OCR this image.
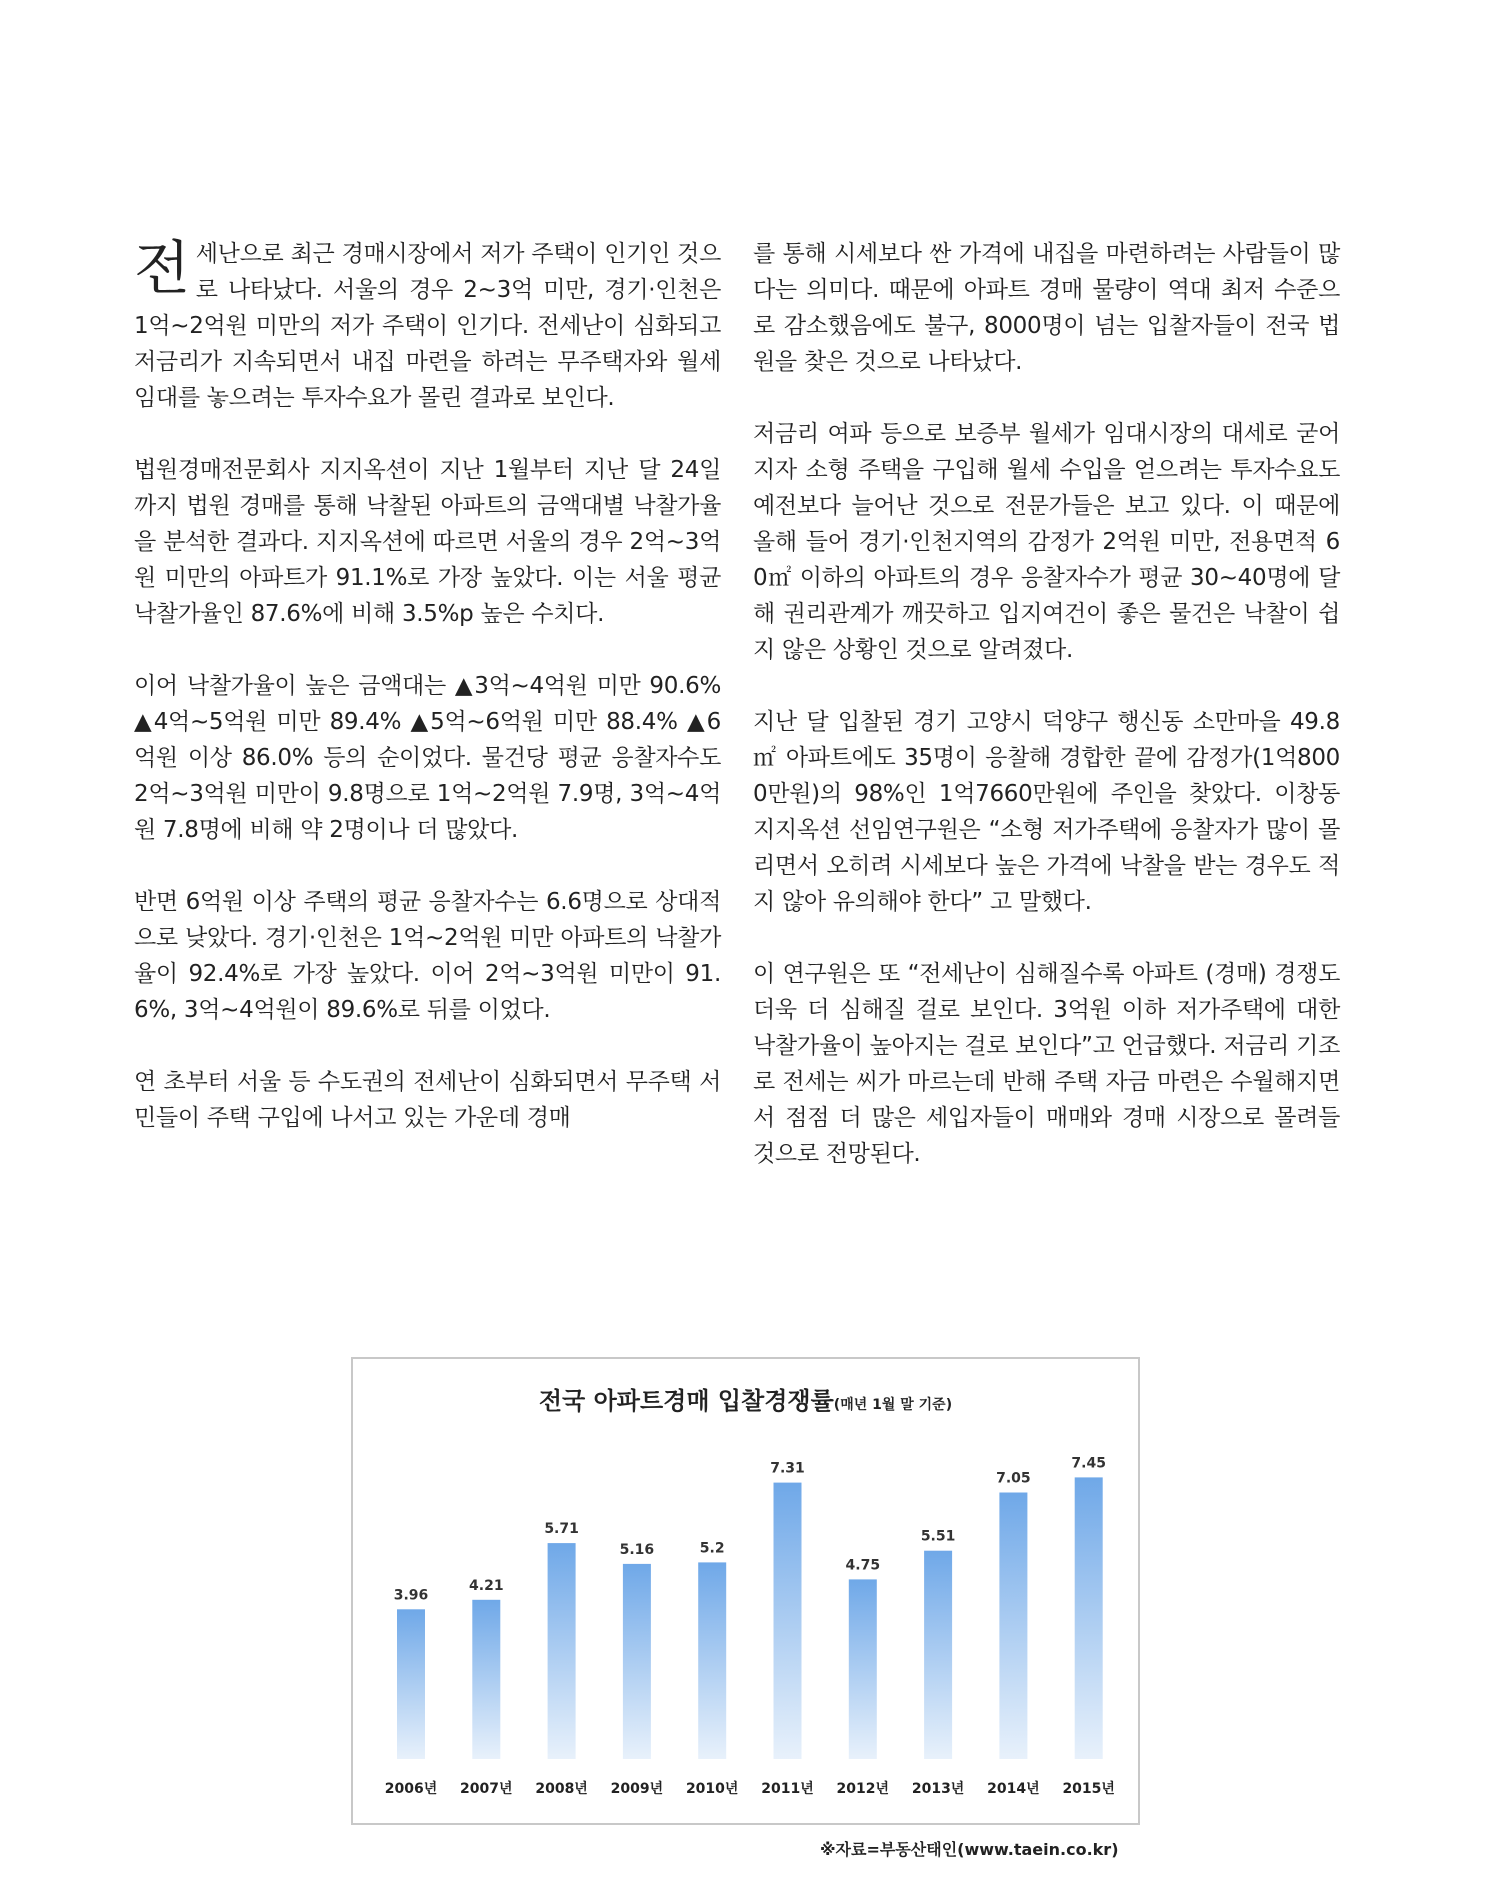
전세난으로 최근 경매시장에서 저가 주택이 인기인 것으로 나타났다. 서울의 경우 2~3억 미만, 경기·인천은 1억~2억원 미만의 저가 주택이 인기다. 전세난이 심화되고 저금리가 지속되면서 내집 마련을 하려는 무주택자와 월세 임대를 놓으려는 투자수요가 몰린 결과로 보인다.

법원경매전문회사 지지옥션이 지난 1월부터 지난 달 24일까지 법원 경매를 통해 낙찰된 아파트의 금액대별 낙찰가율을 분석한 결과다. 지지옥션에 따르면 서울의 경우 2억~3억원 미만의 아파트가 91.1%로 가장 높았다. 이는 서울 평균 낙찰가율인 87.6%에 비해 3.5%p 높은 수치다.

이어 낙찰가율이 높은 금액대는 ▲3억~4억원 미만 90.6% ▲4억~5억원 미만 89.4% ▲5억~6억원 미만 88.4% ▲6억원 이상 86.0% 등의 순이었다. 물건당 평균 응찰자수도 2억~3억원 미만이 9.8명으로 1억~2억원 7.9명, 3억~4억원 7.8명에 비해 약 2명이나 더 많았다.

반면 6억원 이상 주택의 평균 응찰자수는 6.6명으로 상대적으로 낮았다. 경기·인천은 1억~2억원 미만 아파트의 낙찰가율이 92.4%로 가장 높았다. 이어 2억~3억원 미만이 91.6%, 3억~4억원이 89.6%로 뒤를 이었다.

연 초부터 서울 등 수도권의 전세난이 심화되면서 무주택 서민들이 주택 구입에 나서고 있는 가운데 경매

를 통해 시세보다 싼 가격에 내집을 마련하려는 사람들이 많다는 의미다. 때문에 아파트 경매 물량이 역대 최저 수준으로 감소했음에도 불구, 8000명이 넘는 입찰자들이 전국 법원을 찾은 것으로 나타났다.

저금리 여파 등으로 보증부 월세가 임대시장의 대세로 굳어지자 소형 주택을 구입해 월세 수입을 얻으려는 투자수요도 예전보다 늘어난 것으로 전문가들은 보고 있다. 이 때문에 올해 들어 경기·인천지역의 감정가 2억원 미만, 전용면적 60㎡ 이하의 아파트의 경우 응찰자수가 평균 30~40명에 달해 권리관계가 깨끗하고 입지여건이 좋은 물건은 낙찰이 쉽지 않은 상황인 것으로 알려졌다.

지난 달 입찰된 경기 고양시 덕양구 행신동 소만마을 49.8㎡ 아파트에도 35명이 응찰해 경합한 끝에 감정가(1억8000만원)의 98%인 1억7660만원에 주인을 찾았다. 이창동 지지옥션 선임연구원은 “소형 저가주택에 응찰자가 많이 몰리면서 오히려 시세보다 높은 가격에 낙찰을 받는 경우도 적지 않아 유의해야 한다” 고 말했다.

이 연구원은 또 “전세난이 심해질수록 아파트 (경매) 경쟁도 더욱 더 심해질 걸로 보인다. 3억원 이하 저가주택에 대한 낙찰가율이 높아지는 걸로 보인다”고 언급했다. 저금리 기조로 전세는 씨가 마르는데 반해 주택 자금 마련은 수월해지면서 점점 더 많은 세입자들이 매매와 경매 시장으로 몰려들 것으로 전망된다.

전국 아파트경매 입찰경쟁률(매년 1월 말 기준)
3.96
2006년
4.21
2007년
5.71
2008년
5.16
2009년
5.2
2010년
7.31
2011년
4.75
2012년
5.51
2013년
7.05
2014년
7.45
2015년
※자료=부동산태인(www.taein.co.kr)
